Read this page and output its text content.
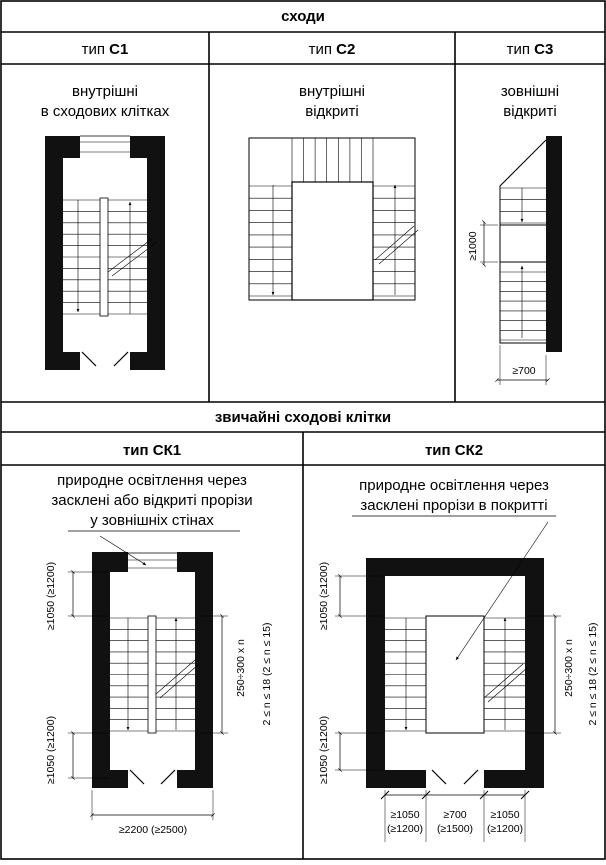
сходи
звичайні сходові клітки
тип С1	тип С2	тип С3
тип СК1	тип СК2
внутрішні
в сходових клітках
внутрішні
відкриті
зовнішні
відкриті
природне освітлення через
засклені або відкриті прорізи
у зовнішніх стінах
природне освітлення через
засклені прорізи в покритті
≥1000
≥700
≥1050 (≥1200)
≥1050 (≥1200)
250÷300 x n 2 ≤ n ≤ 18 (2 ≤ n ≤ 15)
≥2200 (≥2500)
≥1050 (≥1200)
≥1050 (≥1200)
250÷300 x n 2 ≤ n ≤ 18 (2 ≤ n ≤ 15)
≥1050
(≥1200)
≥700
(≥1500)
≥1050
(≥1200)
